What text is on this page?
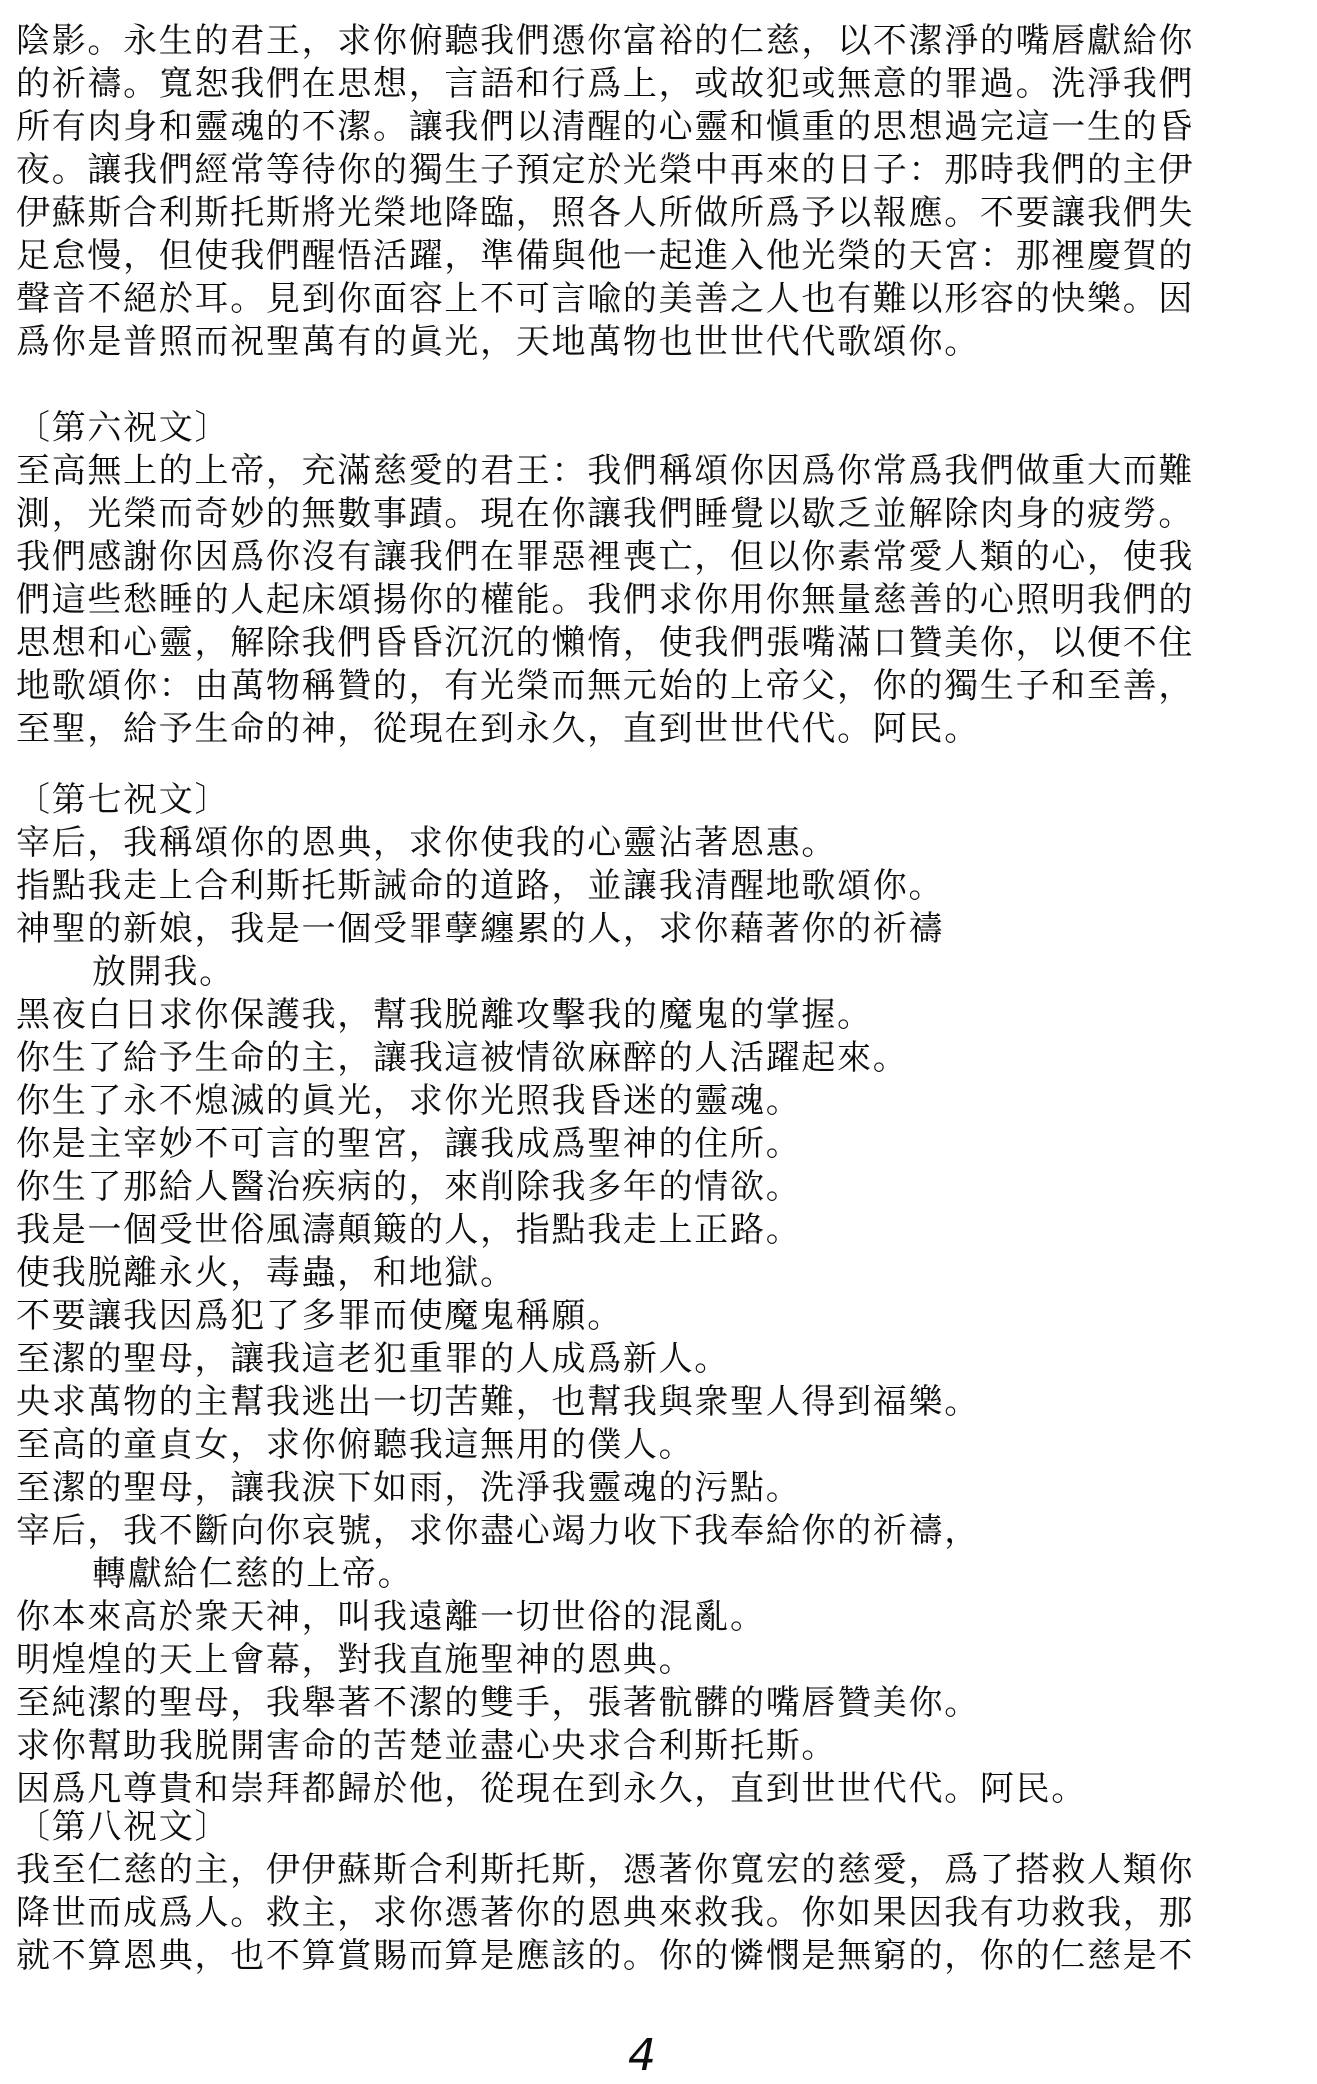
陰影。永生的君王，求你俯聽我們憑你富裕的仁慈，以不潔淨的嘴唇獻給你
的祈禱。寬恕我們在思想，言語和行爲上，或故犯或無意的罪過。洗淨我們
所有肉身和靈魂的不潔。讓我們以清醒的心靈和愼重的思想過完這一生的昏
夜。讓我們經常等待你的獨生子預定於光榮中再來的日子：那時我們的主伊
伊蘇斯合利斯托斯將光榮地降臨，照各人所做所爲予以報應。不要讓我們失
足怠慢，但使我們醒悟活躍，準備與他一起進入他光榮的天宮：那裡慶賀的
聲音不絕於耳。見到你面容上不可言喩的美善之人也有難以形容的快樂。因
爲你是普照而祝聖萬有的眞光，天地萬物也世世代代歌頌你。
〔第六祝文〕
至高無上的上帝，充滿慈愛的君王：我們稱頌你因爲你常爲我們做重大而難
測，光榮而奇妙的無數事蹟。現在你讓我們睡覺以歇乏並解除肉身的疲勞。
我們感謝你因爲你沒有讓我們在罪惡裡喪亡，但以你素常愛人類的心，使我
們這些愁睡的人起床頌揚你的權能。我們求你用你無量慈善的心照明我們的
思想和心靈，解除我們昏昏沉沉的懶惰，使我們張嘴滿口贊美你，以便不住
地歌頌你：由萬物稱贊的，有光榮而無元始的上帝父，你的獨生子和至善，
至聖，給予生命的神，從現在到永久，直到世世代代。阿民。
〔第七祝文〕
宰后，我稱頌你的恩典，求你使我的心靈沾著恩惠。
指點我走上合利斯托斯誡命的道路，並讓我清醒地歌頌你。
神聖的新娘，我是一個受罪孽纏累的人，求你藉著你的祈禱
放開我。
黑夜白日求你保護我，幫我脱離攻擊我的魔鬼的掌握。
你生了給予生命的主，讓我這被情欲麻醉的人活躍起來。
你生了永不熄滅的眞光，求你光照我昏迷的靈魂。
你是主宰妙不可言的聖宮，讓我成爲聖神的住所。
你生了那給人醫治疾病的，來削除我多年的情欲。
我是一個受世俗風濤顛簸的人，指點我走上正路。
使我脱離永火，毒蟲，和地獄。
不要讓我因爲犯了多罪而使魔鬼稱願。
至潔的聖母，讓我這老犯重罪的人成爲新人。
央求萬物的主幫我逃出一切苦難，也幫我與衆聖人得到福樂。
至高的童貞女，求你俯聽我這無用的僕人。
至潔的聖母，讓我淚下如雨，洗淨我靈魂的污點。
宰后，我不斷向你哀號，求你盡心竭力收下我奉給你的祈禱，
轉獻給仁慈的上帝。
你本來高於衆天神，叫我遠離一切世俗的混亂。
明煌煌的天上會幕，對我直施聖神的恩典。
至純潔的聖母，我舉著不潔的雙手，張著骯髒的嘴唇贊美你。
求你幫助我脱開害命的苦楚並盡心央求合利斯托斯。
因爲凡尊貴和崇拜都歸於他，從現在到永久，直到世世代代。阿民。
〔第八祝文〕
我至仁慈的主，伊伊蘇斯合利斯托斯，憑著你寬宏的慈愛，爲了搭救人類你
降世而成爲人。救主，求你憑著你的恩典來救我。你如果因我有功救我，那
就不算恩典，也不算賞賜而算是應該的。你的憐憫是無窮的，你的仁慈是不
4
